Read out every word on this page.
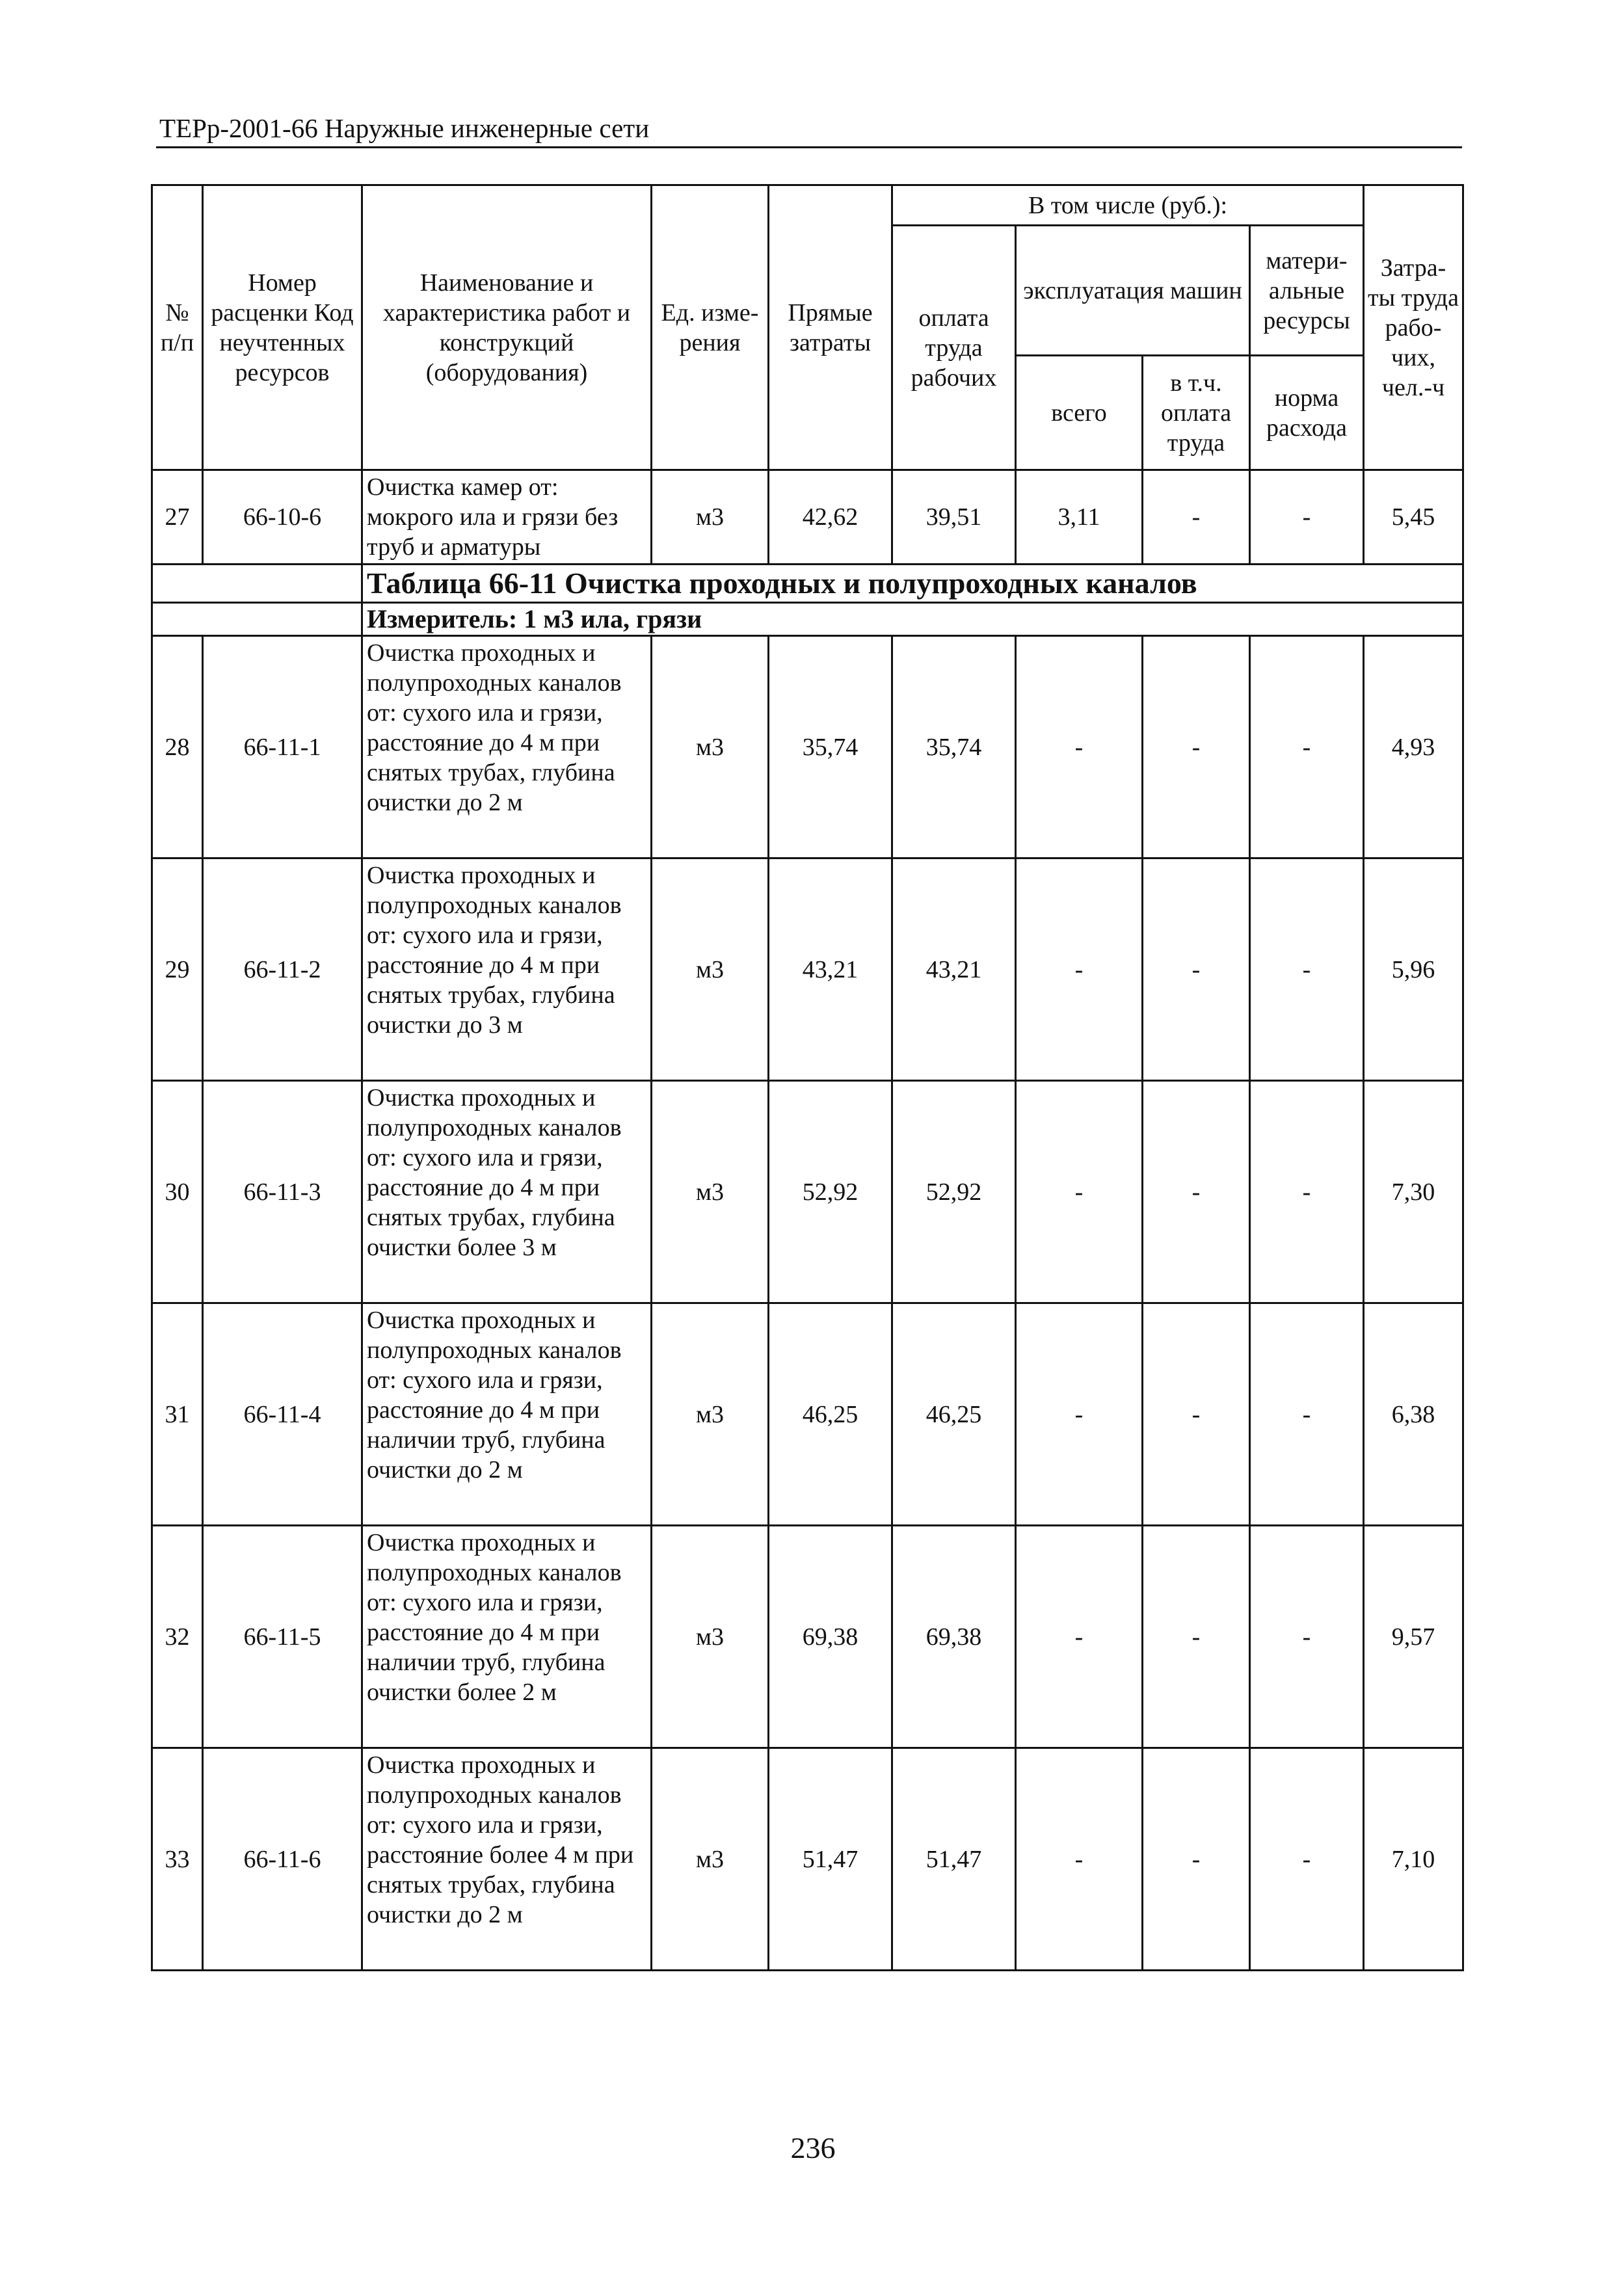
ТЕРр-2001-66 Наружные инженерные сети
№ п/п	Номер расценки Код неучтенных ресурсов	Наименование и характеристика работ и конструкций (оборудования)	Ед. изме- рения	Прямые затраты	В том числе (руб.):				Затра- ты труда рабо- чих, чел.-ч
					оплата труда рабочих	эксплуатация машин		матери- альные ресурсы	
						всего	в т.ч. оплата труда	норма расхода	
27	66-10-6	Очистка камер от: мокрого ила и грязи без труб и арматуры	м3	42,62	39,51	3,11	-	-	5,45
		Таблица 66-11 Очистка проходных и полупроходных каналов							
		Измеритель: 1 м3 ила, грязи							
28	66-11-1	Очистка проходных и полупроходных каналов от: сухого ила и грязи, расстояние до 4 м при снятых трубах, глубина очистки до 2 м	м3	35,74	35,74	-	-	-	4,93
29	66-11-2	Очистка проходных и полупроходных каналов от: сухого ила и грязи, расстояние до 4 м при снятых трубах, глубина очистки до 3 м	м3	43,21	43,21	-	-	-	5,96
30	66-11-3	Очистка проходных и полупроходных каналов от: сухого ила и грязи, расстояние до 4 м при снятых трубах, глубина очистки более 3 м	м3	52,92	52,92	-	-	-	7,30
31	66-11-4	Очистка проходных и полупроходных каналов от: сухого ила и грязи, расстояние до 4 м при наличии труб, глубина очистки до 2 м	м3	46,25	46,25	-	-	-	6,38
32	66-11-5	Очистка проходных и полупроходных каналов от: сухого ила и грязи, расстояние до 4 м при наличии труб, глубина очистки более 2 м	м3	69,38	69,38	-	-	-	9,57
33	66-11-6	Очистка проходных и полупроходных каналов от: сухого ила и грязи, расстояние более 4 м при снятых трубах, глубина очистки до 2 м	м3	51,47	51,47	-	-	-	7,10
236
